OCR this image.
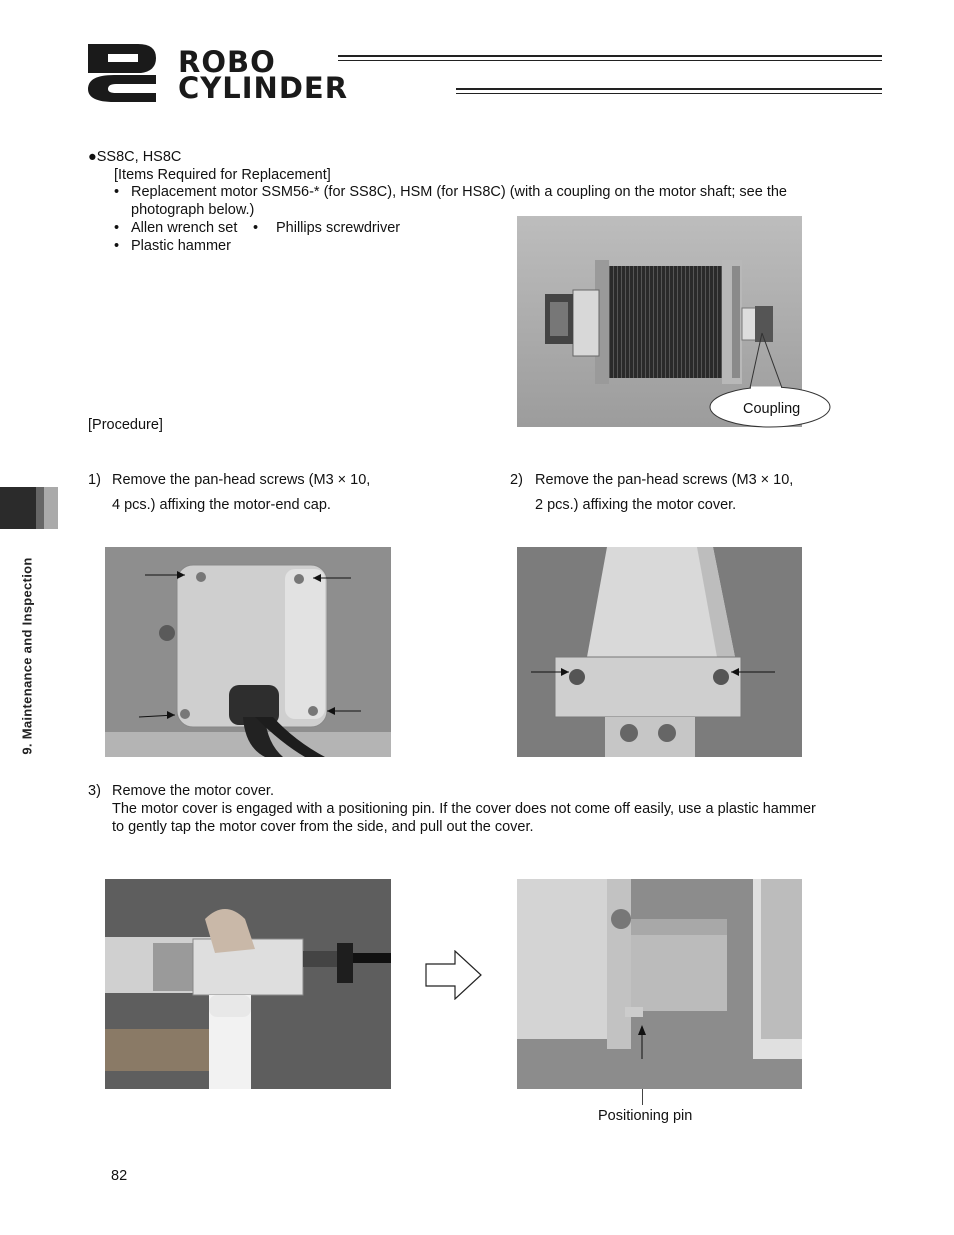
ROBO
CYLINDER
9. Maintenance and Inspection
●SS8C, HS8C
[Items Required for Replacement]
• Replacement motor SSM56-* (for SS8C), HSM (for HS8C) (with a coupling on the motor shaft; see the
photograph below.)
• Allen wrench set • Phillips screwdriver
• Plastic hammer
[Procedure]
Coupling
1) Remove the pan-head screws (M3 × 10,
4 pcs.) affixing the motor-end cap.
2) Remove the pan-head screws (M3 × 10,
2 pcs.) affixing the motor cover.
3) Remove the motor cover.
The motor cover is engaged with a positioning pin. If the cover does not come off easily, use a plastic hammer
to gently tap the motor cover from the side, and pull out the cover.
Positioning pin
82
